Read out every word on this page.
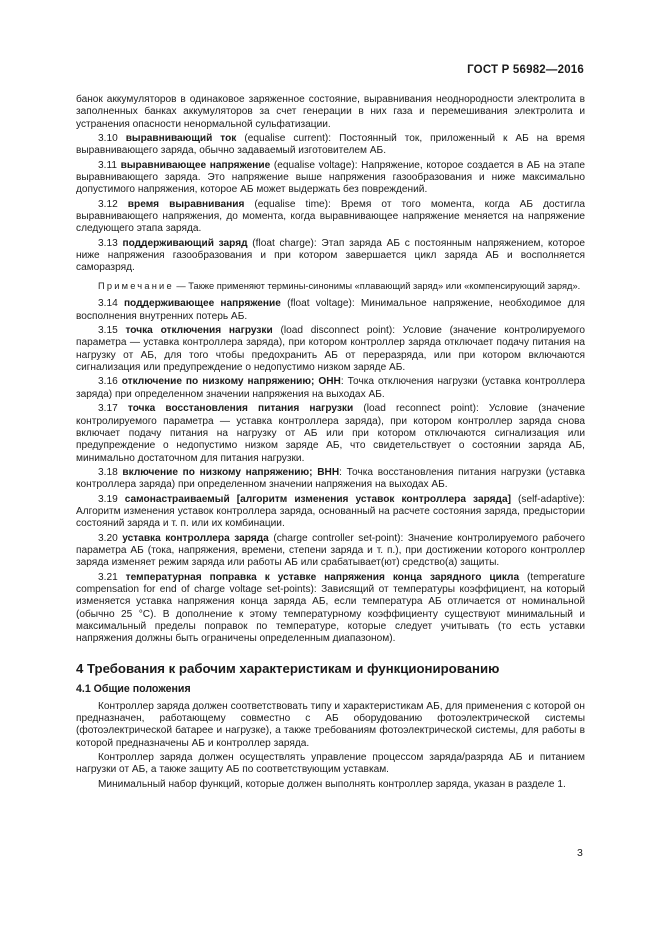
ГОСТ Р 56982—2016

банок аккумуляторов в одинаковое заряженное состояние, выравнивания неоднородности электролита в заполненных банках аккумуляторов за счет генерации в них газа и перемешивания электролита и устранения опасности ненормальной сульфатизации.

3.10 выравнивающий ток (equalise current): Постоянный ток, приложенный к АБ на время выравнивающего заряда, обычно задаваемый изготовителем АБ.

3.11 выравнивающее напряжение (equalise voltage): Напряжение, которое создается в АБ на этапе выравнивающего заряда. Это напряжение выше напряжения газообразования и ниже максимально допустимого напряжения, которое АБ может выдержать без повреждений.

3.12 время выравнивания (equalise time): Время от того момента, когда АБ достигла выравнивающего напряжения, до момента, когда выравнивающее напряжение меняется на напряжение следующего этапа заряда.

3.13 поддерживающий заряд (float charge): Этап заряда АБ с постоянным напряжением, которое ниже напряжения газообразования и при котором завершается цикл заряда АБ и восполняется саморазряд.

Примечание — Также применяют термины-синонимы «плавающий заряд» или «компенсирующий заряд».

3.14 поддерживающее напряжение (float voltage): Минимальное напряжение, необходимое для восполнения внутренних потерь АБ.

3.15 точка отключения нагрузки (load disconnect point): Условие (значение контролируемого параметра — уставка контроллера заряда), при котором контроллер заряда отключает подачу питания на нагрузку от АБ, для того чтобы предохранить АБ от переразряда, или при котором включаются сигнализация или предупреждение о недопустимо низком заряде АБ.

3.16 отключение по низкому напряжению; ОНН: Точка отключения нагрузки (уставка контроллера заряда) при определенном значении напряжения на выходах АБ.

3.17 точка восстановления питания нагрузки (load reconnect point): Условие (значение контролируемого параметра — уставка контроллера заряда), при котором контроллер заряда снова включает подачу питания на нагрузку от АБ или при котором отключаются сигнализация или предупреждение о недопустимо низком заряде АБ, что свидетельствует о состоянии заряда АБ, минимально достаточном для питания нагрузки.

3.18 включение по низкому напряжению; ВНН: Точка восстановления питания нагрузки (уставка контроллера заряда) при определенном значении напряжения на выходах АБ.

3.19 самонастраиваемый [алгоритм изменения уставок контроллера заряда] (self-adaptive): Алгоритм изменения уставок контроллера заряда, основанный на расчете состояния заряда, предыстории состояний заряда и т. п. или их комбинации.

3.20 уставка контроллера заряда (charge controller set-point): Значение контролируемого рабочего параметра АБ (тока, напряжения, времени, степени заряда и т. п.), при достижении которого контроллер заряда изменяет режим заряда или работы АБ или срабатывает(ют) средство(а) защиты.

3.21 температурная поправка к уставке напряжения конца зарядного цикла (temperature compensation for end of charge voltage set-points): Зависящий от температуры коэффициент, на который изменяется уставка напряжения конца заряда АБ, если температура АБ отличается от номинальной (обычно 25 °С). В дополнение к этому температурному коэффициенту существуют минимальный и максимальный пределы поправок по температуре, которые следует учитывать (то есть уставки напряжения должны быть ограничены определенным диапазоном).

4 Требования к рабочим характеристикам и функционированию
4.1 Общие положения

Контроллер заряда должен соответствовать типу и характеристикам АБ, для применения с которой он предназначен, работающему совместно с АБ оборудованию фотоэлектрической системы (фотоэлектрической батарее и нагрузке), а также требованиям фотоэлектрической системы, для работы в которой предназначены АБ и контроллер заряда.

Контроллер заряда должен осуществлять управление процессом заряда/разряда АБ и питанием нагрузки от АБ, а также защиту АБ по соответствующим уставкам.

Минимальный набор функций, которые должен выполнять контроллер заряда, указан в разделе 1.

3
